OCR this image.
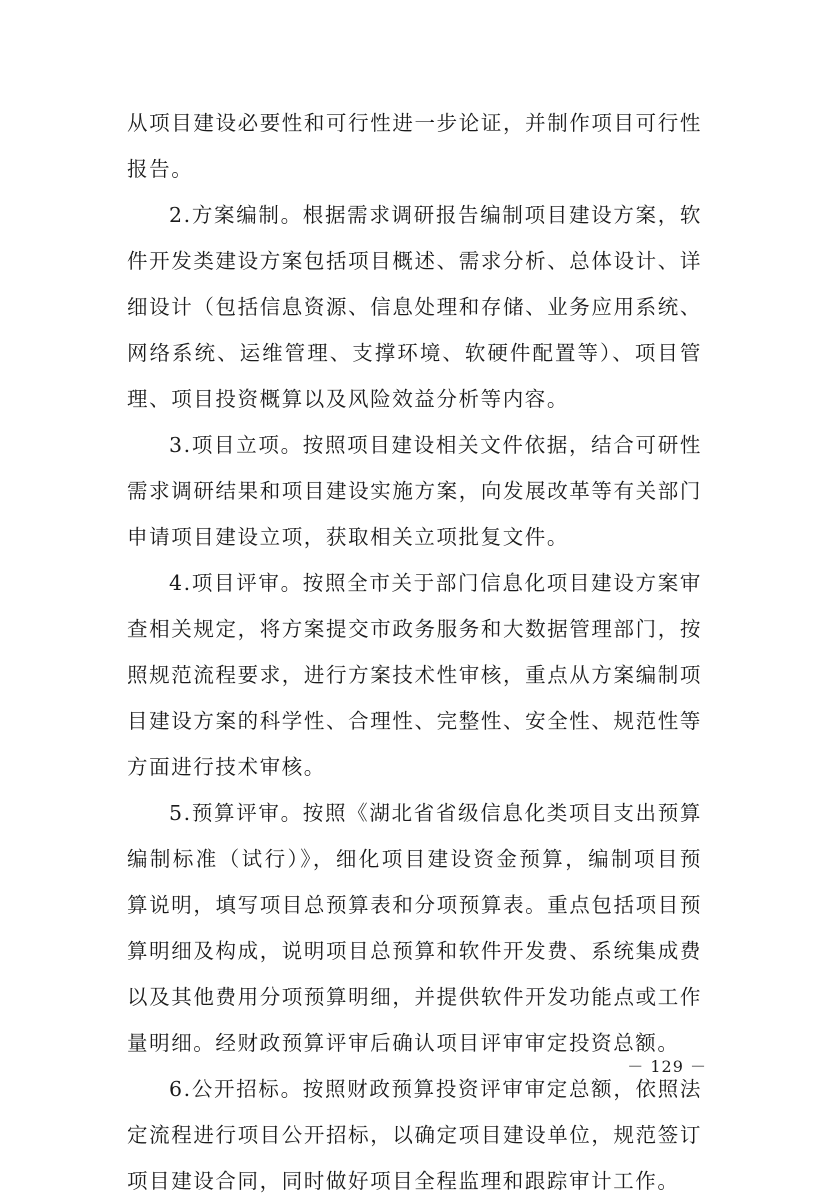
从项目建设必要性和可行性进一步论证，并制作项目可行性报告。

2.方案编制。根据需求调研报告编制项目建设方案，软件开发类建设方案包括项目概述、需求分析、总体设计、详细设计（包括信息资源、信息处理和存储、业务应用系统、网络系统、运维管理、支撑环境、软硬件配置等）、项目管理、项目投资概算以及风险效益分析等内容。

3.项目立项。按照项目建设相关文件依据，结合可研性需求调研结果和项目建设实施方案，向发展改革等有关部门申请项目建设立项，获取相关立项批复文件。

4.项目评审。按照全市关于部门信息化项目建设方案审查相关规定，将方案提交市政务服务和大数据管理部门，按照规范流程要求，进行方案技术性审核，重点从方案编制项目建设方案的科学性、合理性、完整性、安全性、规范性等方面进行技术审核。

5.预算评审。按照《湖北省省级信息化类项目支出预算编制标准（试行）》，细化项目建设资金预算，编制项目预算说明，填写项目总预算表和分项预算表。重点包括项目预算明细及构成，说明项目总预算和软件开发费、系统集成费以及其他费用分项预算明细，并提供软件开发功能点或工作量明细。经财政预算评审后确认项目评审审定投资总额。

6.公开招标。按照财政预算投资评审审定总额，依照法定流程进行项目公开招标，以确定项目建设单位，规范签订项目建设合同，同时做好项目全程监理和跟踪审计工作。

－ 129 －
